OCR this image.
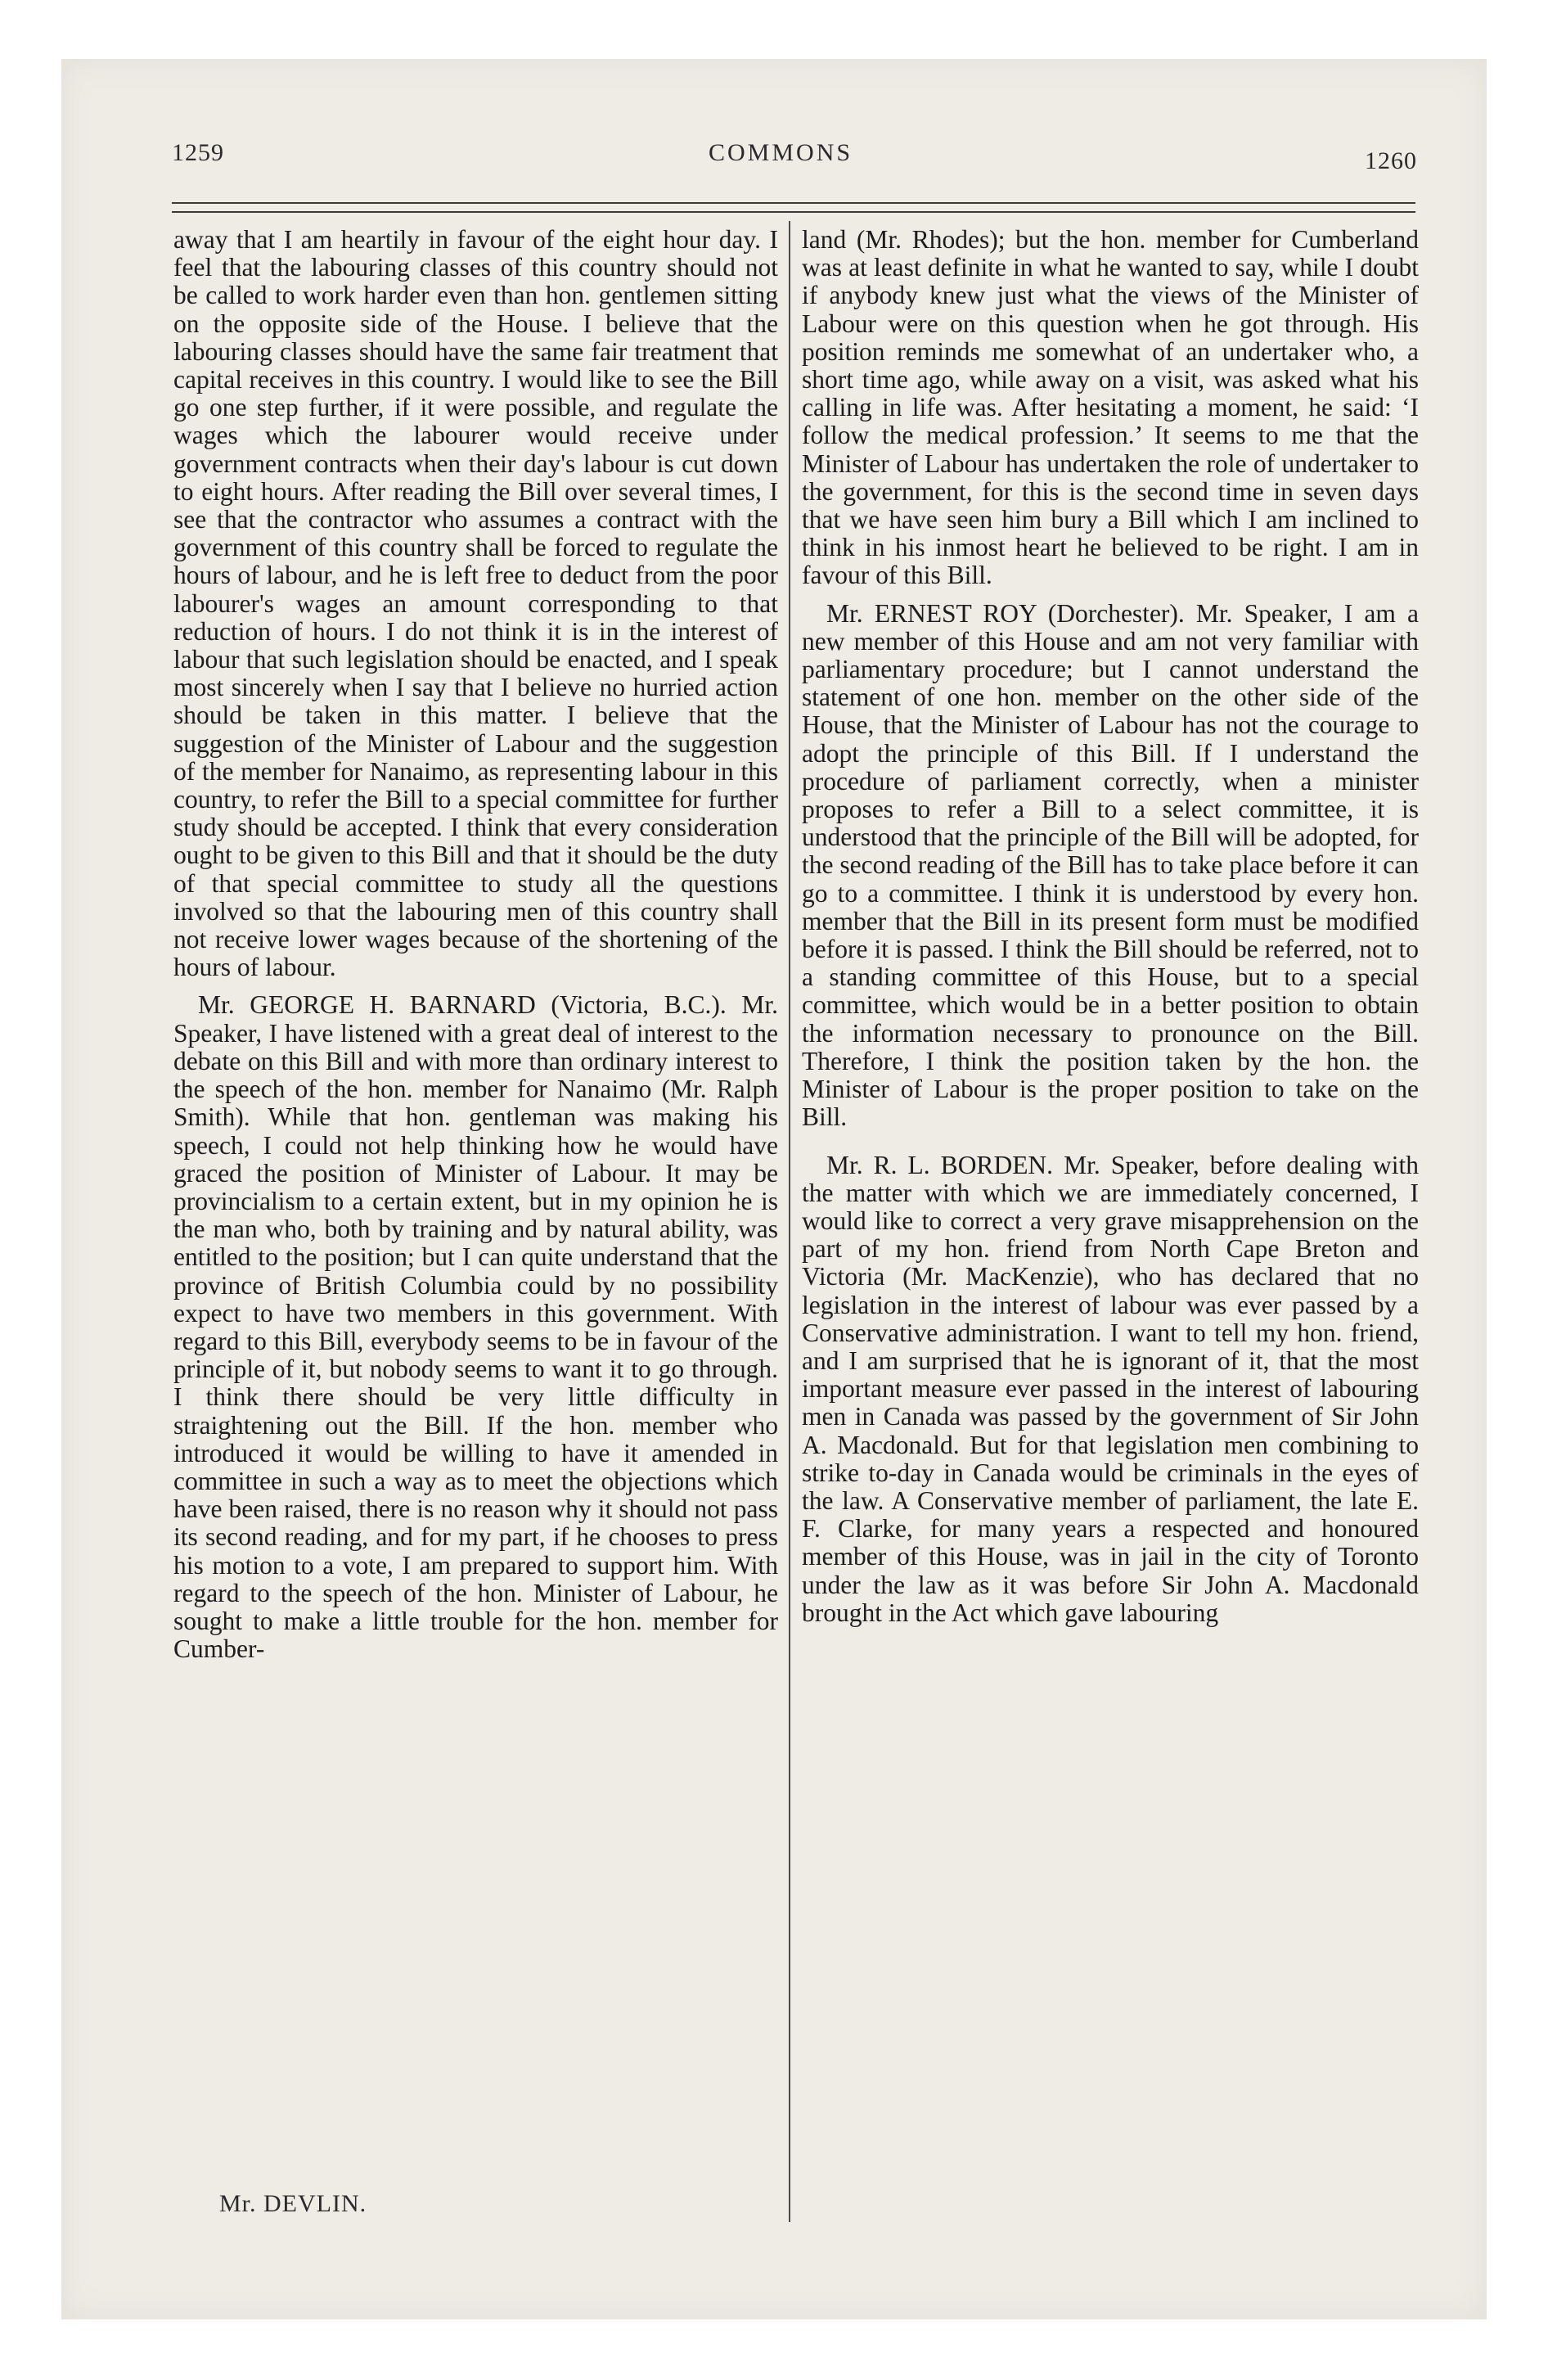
1259	COMMONS	1260

away that I am heartily in favour of the eight hour day. I feel that the labouring classes of this country should not be called to work harder even than hon. gentlemen sitting on the opposite side of the House. I believe that the labouring classes should have the same fair treatment that capital receives in this country. I would like to see the Bill go one step further, if it were possible, and regulate the wages which the labourer would receive under government contracts when their day's labour is cut down to eight hours. After reading the Bill over several times, I see that the contractor who assumes a contract with the government of this country shall be forced to regulate the hours of labour, and he is left free to deduct from the poor labourer's wages an amount corresponding to that reduction of hours. I do not think it is in the interest of labour that such legislation should be enacted, and I speak most sincerely when I say that I believe no hurried action should be taken in this matter. I believe that the suggestion of the Minister of Labour and the suggestion of the member for Nanaimo, as representing labour in this country, to refer the Bill to a special committee for further study should be accepted. I think that every consideration ought to be given to this Bill and that it should be the duty of that special committee to study all the questions involved so that the labouring men of this country shall not receive lower wages because of the shortening of the hours of labour.

Mr. GEORGE H. BARNARD (Victoria, B.C.). Mr. Speaker, I have listened with a great deal of interest to the debate on this Bill and with more than ordinary interest to the speech of the hon. member for Nanaimo (Mr. Ralph Smith). While that hon. gentleman was making his speech, I could not help thinking how he would have graced the position of Minister of Labour. It may be provincialism to a certain extent, but in my opinion he is the man who, both by training and by natural ability, was entitled to the position; but I can quite understand that the province of British Columbia could by no possibility expect to have two members in this government. With regard to this Bill, everybody seems to be in favour of the principle of it, but nobody seems to want it to go through. I think there should be very little difficulty in straightening out the Bill. If the hon. member who introduced it would be willing to have it amended in committee in such a way as to meet the objections which have been raised, there is no reason why it should not pass its second reading, and for my part, if he chooses to press his motion to a vote, I am prepared to support him. With regard to the speech of the hon. Minister of Labour, he sought to make a little trouble for the hon. member for Cumber-

land (Mr. Rhodes); but the hon. member for Cumberland was at least definite in what he wanted to say, while I doubt if anybody knew just what the views of the Minister of Labour were on this question when he got through. His position reminds me somewhat of an undertaker who, a short time ago, while away on a visit, was asked what his calling in life was. After hesitating a moment, he said: ‘I follow the medical profession.’ It seems to me that the Minister of Labour has undertaken the role of undertaker to the government, for this is the second time in seven days that we have seen him bury a Bill which I am inclined to think in his inmost heart he believed to be right. I am in favour of this Bill.

Mr. ERNEST ROY (Dorchester). Mr. Speaker, I am a new member of this House and am not very familiar with parliamentary procedure; but I cannot understand the statement of one hon. member on the other side of the House, that the Minister of Labour has not the courage to adopt the principle of this Bill. If I understand the procedure of parliament correctly, when a minister proposes to refer a Bill to a select committee, it is understood that the principle of the Bill will be adopted, for the second reading of the Bill has to take place before it can go to a committee. I think it is understood by every hon. member that the Bill in its present form must be modified before it is passed. I think the Bill should be referred, not to a standing committee of this House, but to a special committee, which would be in a better position to obtain the information necessary to pronounce on the Bill. Therefore, I think the position taken by the hon. the Minister of Labour is the proper position to take on the Bill.

Mr. R. L. BORDEN. Mr. Speaker, before dealing with the matter with which we are immediately concerned, I would like to correct a very grave misapprehension on the part of my hon. friend from North Cape Breton and Victoria (Mr. MacKenzie), who has declared that no legislation in the interest of labour was ever passed by a Conservative administration. I want to tell my hon. friend, and I am surprised that he is ignorant of it, that the most important measure ever passed in the interest of labouring men in Canada was passed by the government of Sir John A. Macdonald. But for that legislation men combining to strike to-day in Canada would be criminals in the eyes of the law. A Conservative member of parliament, the late E. F. Clarke, for many years a respected and honoured member of this House, was in jail in the city of Toronto under the law as it was before Sir John A. Macdonald brought in the Act which gave labouring

Mr. DEVLIN.
